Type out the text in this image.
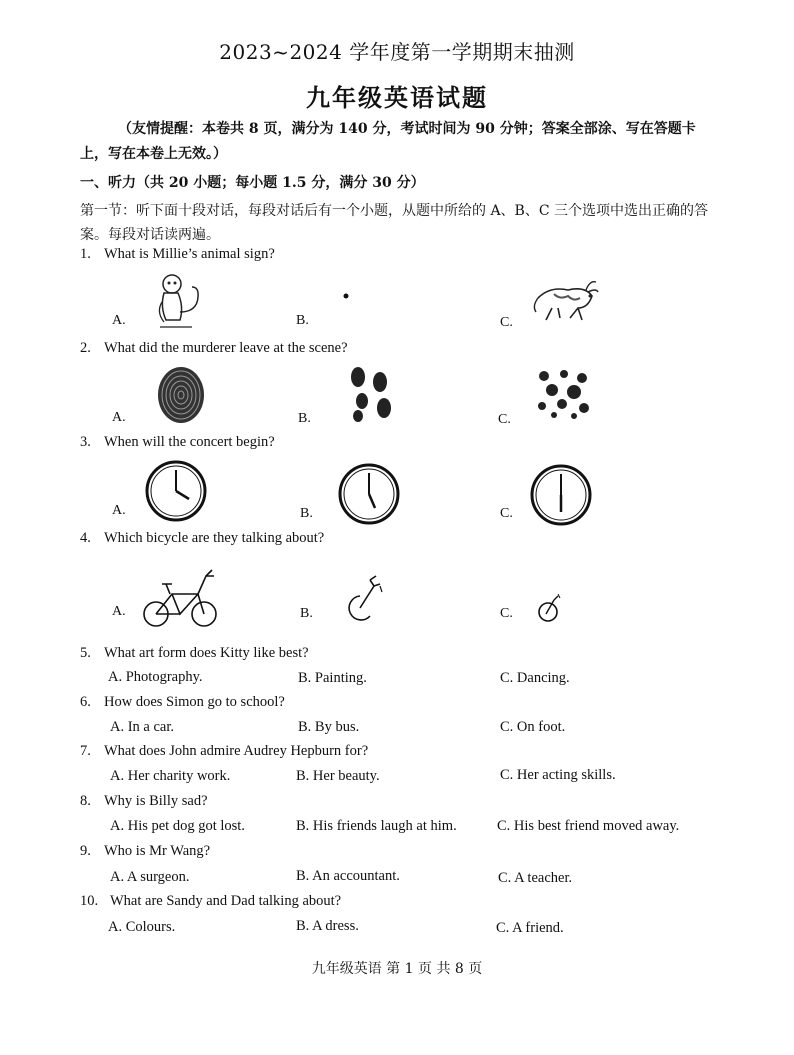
2023~2024 学年度第一学期期末抽测
九年级英语试题
（友情提醒：本卷共 8 页，满分为 140 分，考试时间为 90 分钟；答案全部涂、写在答题卡上，写在本卷上无效。）
一、听力（共 20 小题；每小题 1.5 分，满分 30 分）
第一节：听下面十段对话，每段对话后有一个小题，从题中所给的 A、B、C 三个选项中选出正确的答案。每段对话读两遍。
1. What is Millie’s animal sign?
A.	B.	C.
2. What did the murderer leave at the scene?
A.	B.	C.
3. When will the concert begin?
A.	B.	C.
4. Which bicycle are they talking about?
A.	B.	C.
5. What art form does Kitty like best?
A. Photography.	B. Painting.	C. Dancing.
6. How does Simon go to school?
A. In a car.	B. By bus.	C. On foot.
7. What does John admire Audrey Hepburn for?
A. Her charity work.	B. Her beauty.	C. Her acting skills.
8. Why is Billy sad?
A. His pet dog got lost.	B. His friends laugh at him.	C. His best friend moved away.
9. Who is Mr Wang?
A. A surgeon.	B. An accountant.	C. A teacher.
10. What are Sandy and Dad talking about?
A. Colours.	B. A dress.	C. A friend.
九年级英语 第 1 页 共 8 页
